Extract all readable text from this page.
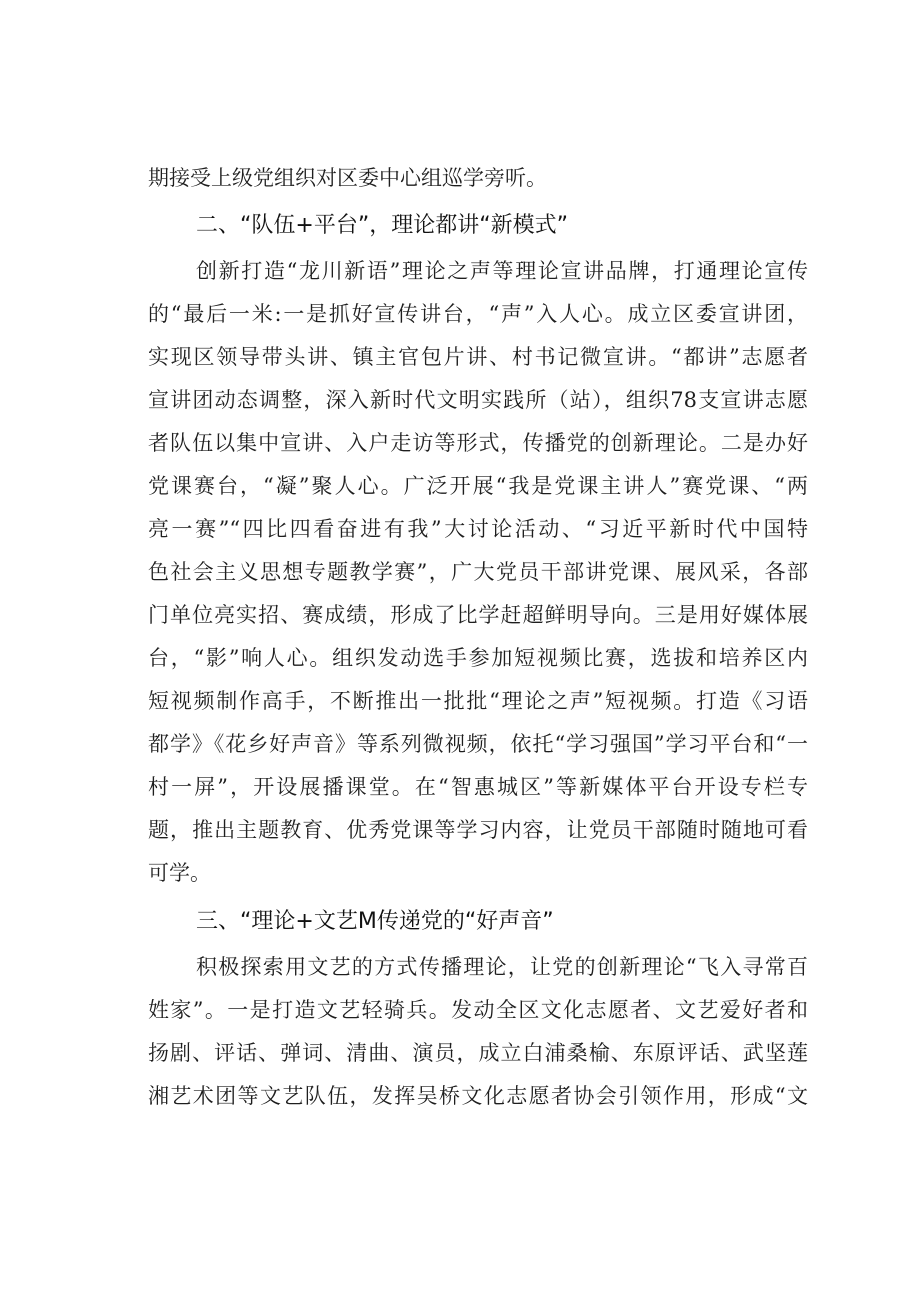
期接受上级党组织对区委中心组巡学旁听。
二、“队伍+平台”，理论都讲“新模式”
创新打造“龙川新语”理论之声等理论宣讲品牌，打通理论宣传
的“最后一米:一是抓好宣传讲台，“声”入人心。成立区委宣讲团，
实现区领导带头讲、镇主官包片讲、村书记微宣讲。“都讲”志愿者
宣讲团动态调整，深入新时代文明实践所（站），组织78支宣讲志愿
者队伍以集中宣讲、入户走访等形式，传播党的创新理论。二是办好
党课赛台，“凝”聚人心。广泛开展“我是党课主讲人”赛党课、“两
亮一赛”“四比四看奋进有我”大讨论活动、“习近平新时代中国特
色社会主义思想专题教学赛”，广大党员干部讲党课、展风采，各部
门单位亮实招、赛成绩，形成了比学赶超鲜明导向。三是用好媒体展
台，“影”响人心。组织发动选手参加短视频比赛，选拔和培养区内
短视频制作高手，不断推出一批批“理论之声”短视频。打造《习语
都学》《花乡好声音》等系列微视频，依托“学习强国”学习平台和“一
村一屏”，开设展播课堂。在“智惠城区”等新媒体平台开设专栏专
题，推出主题教育、优秀党课等学习内容，让党员干部随时随地可看
可学。
三、“理论+文艺M传递党的“好声音”
积极探索用文艺的方式传播理论，让党的创新理论“飞入寻常百
姓家”。一是打造文艺轻骑兵。发动全区文化志愿者、文艺爱好者和
扬剧、评话、弹词、清曲、演员，成立白浦桑榆、东原评话、武坚莲
湘艺术团等文艺队伍，发挥吴桥文化志愿者协会引领作用，形成“文
